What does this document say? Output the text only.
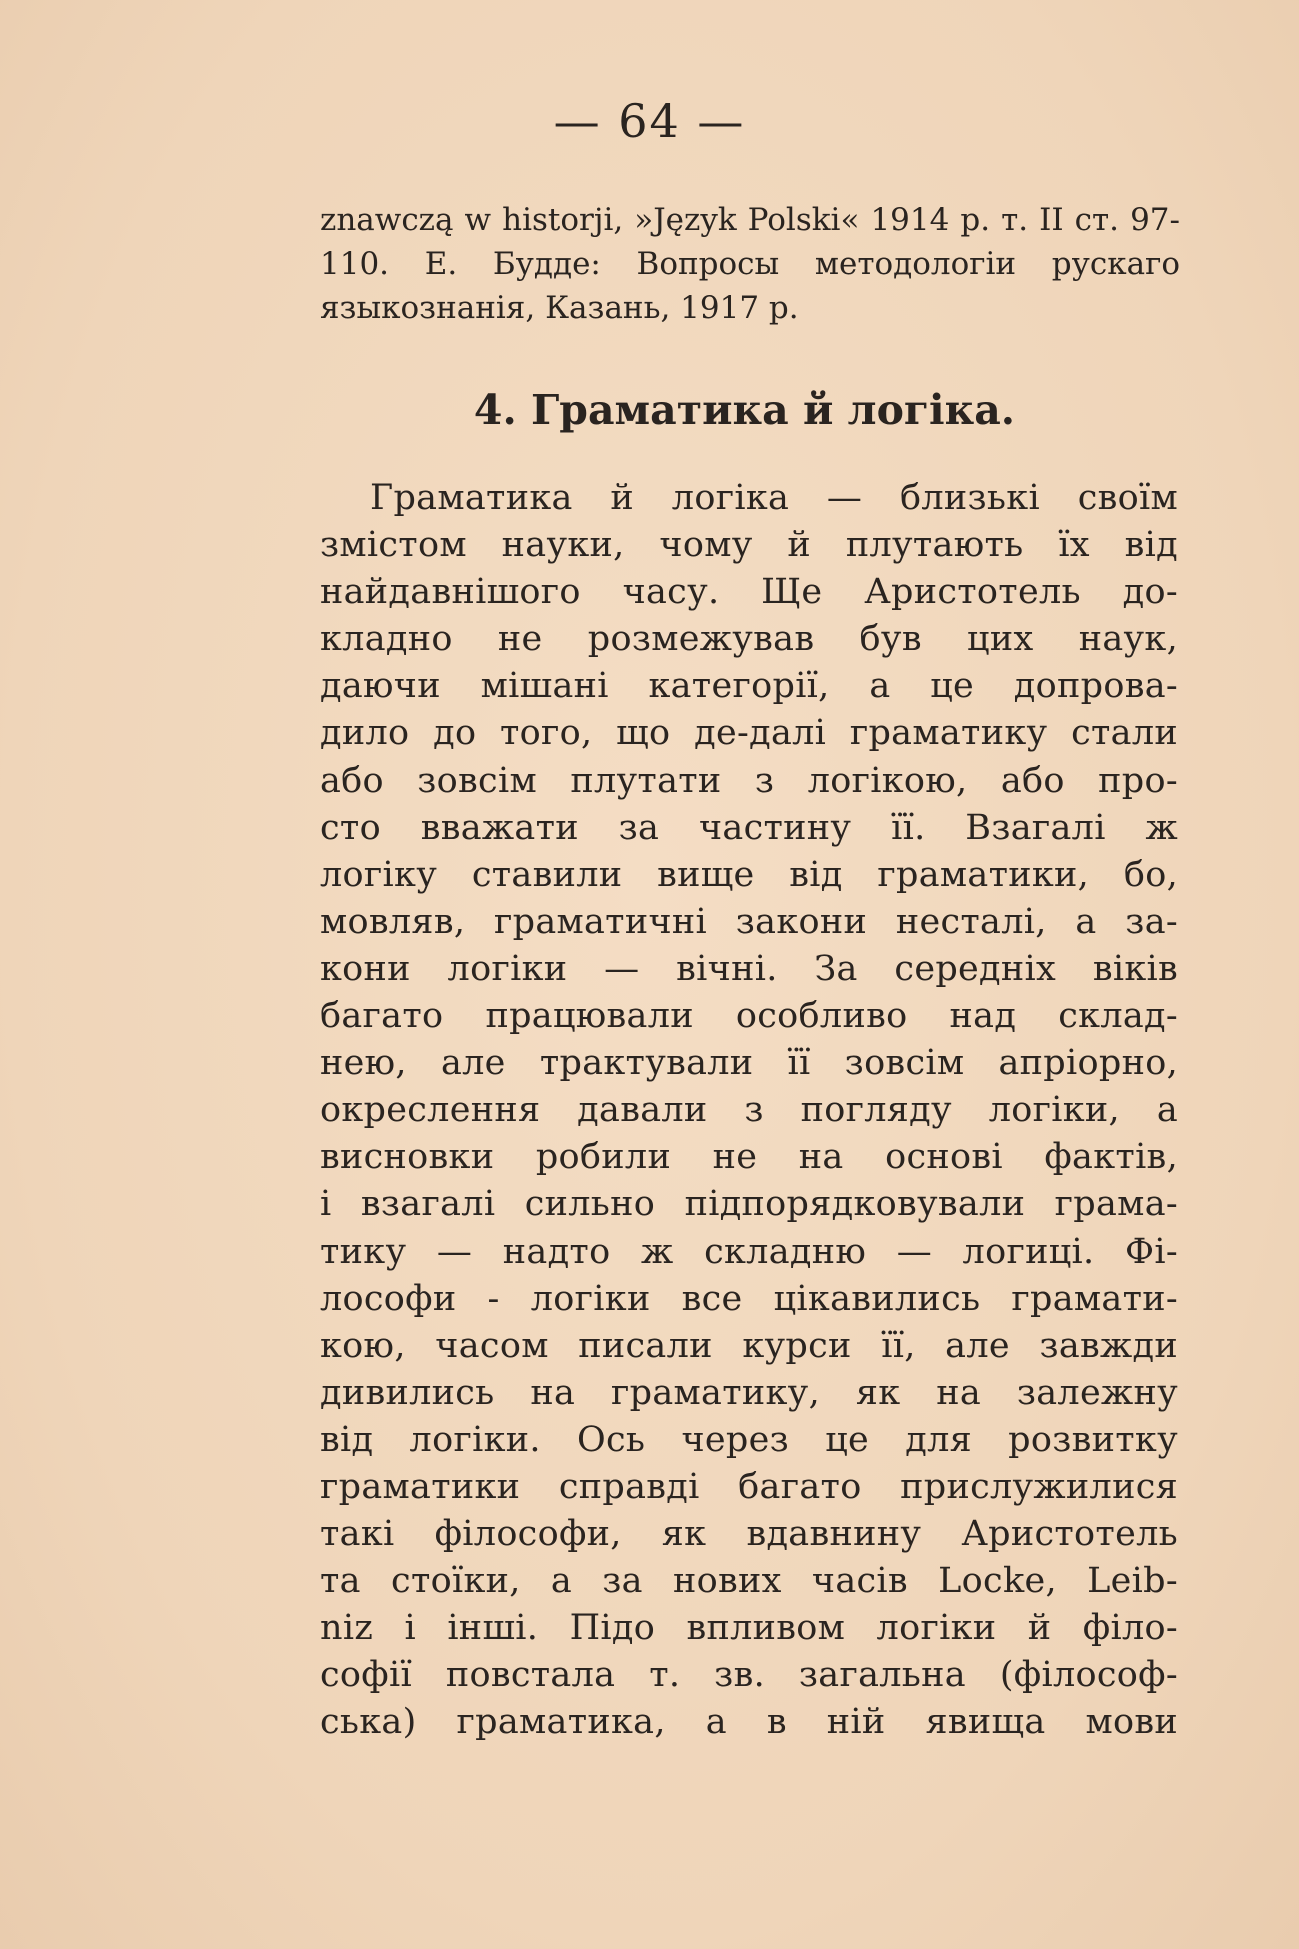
— 64 —

znawczą w historji, »Język Polski« 1914 р. т. II ст. 97-110. Е. Будде: Вопросы методологіи рускаго языкознанія, Казань, 1917 р.

4. Граматика й логіка.
Граматика й логіка — близькі своїм
змістом науки, чому й плутають їх від
найдавнішого часу. Ще Аристотель до-
кладно не розмежував був цих наук,
даючи мішані категорії, а це допрова-
дило до того, що де-далі граматику стали
або зовсім плутати з логікою, або про-
сто вважати за частину її. Взагалі ж
логіку ставили вище від граматики, бо,
мовляв, граматичні закони несталі, а за-
кони логіки — вічні. За середніх віків
багато працювали особливо над склад-
нею, але трактували її зовсім апріорно,
окреслення давали з погляду логіки, а
висновки робили не на основі фактів,
і взагалі сильно підпорядковували грама-
тику — надто ж складню — логиці. Фі-
лософи - логіки все цікавились грамати-
кою, часом писали курси її, але завжди
дивились на граматику, як на залежну
від логіки. Ось через це для розвитку
граматики справді багато прислужилися
такі філософи, як вдавнину Аристотель
та стоїки, а за нових часів Locke, Leib-
niz і інші. Підо впливом логіки й філо-
софії повстала т. зв. загальна (філософ-
ська) граматика, а в ній явища мови
